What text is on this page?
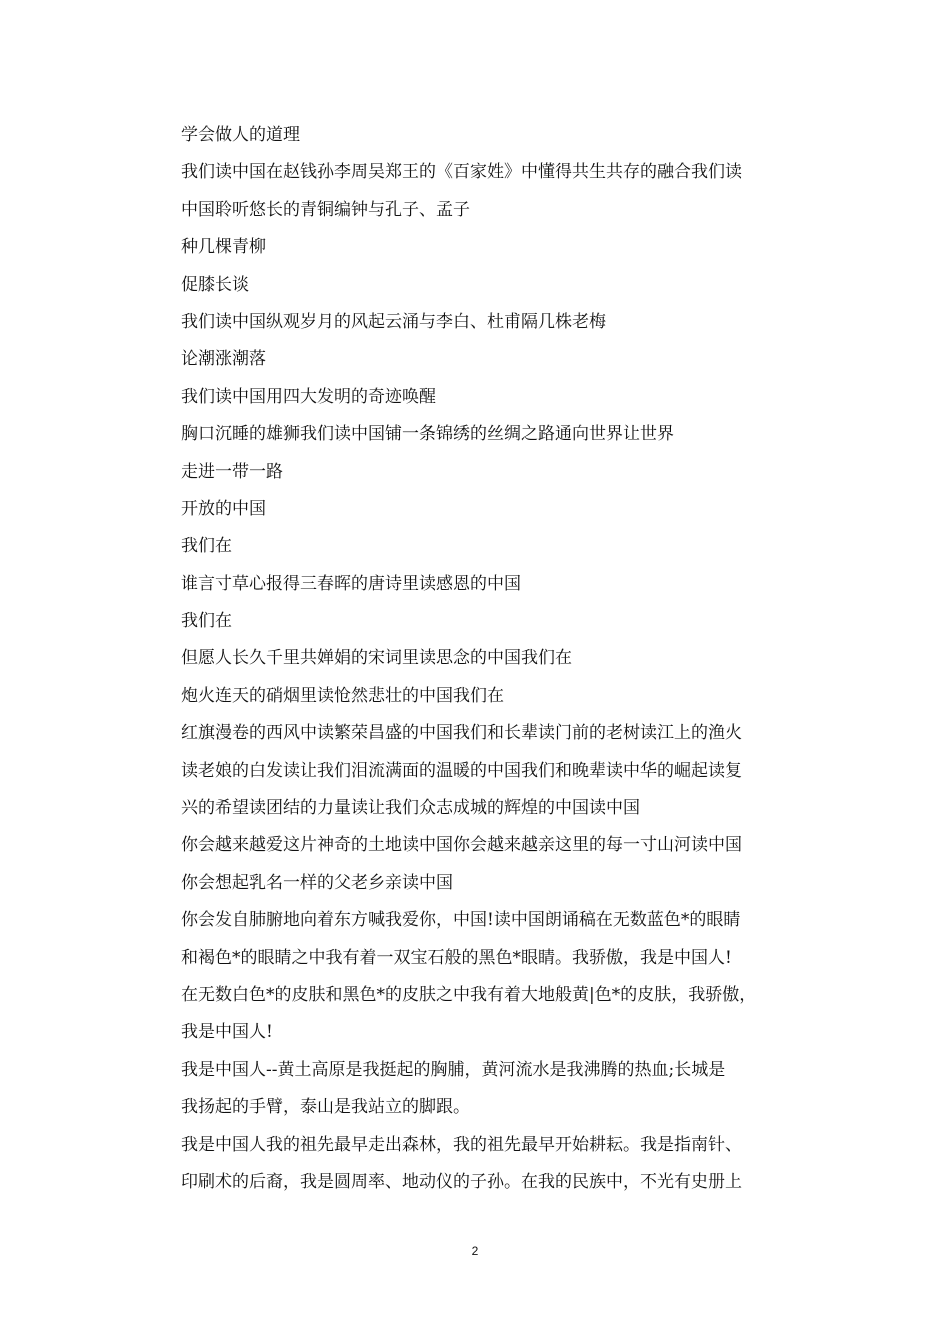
学会做人的道理
我们读中国在赵钱孙李周吴郑王的《百家姓》中懂得共生共存的融合我们读
中国聆听悠长的青铜编钟与孔子、孟子
种几棵青柳
促膝长谈
我们读中国纵观岁月的风起云涌与李白、杜甫隔几株老梅
论潮涨潮落
我们读中国用四大发明的奇迹唤醒
胸口沉睡的雄狮我们读中国铺一条锦绣的丝绸之路通向世界让世界
走进一带一路
开放的中国
我们在
谁言寸草心报得三春晖的唐诗里读感恩的中国
我们在
但愿人长久千里共婵娟的宋词里读思念的中国我们在
炮火连天的硝烟里读怆然悲壮的中国我们在
红旗漫卷的西风中读繁荣昌盛的中国我们和长辈读门前的老树读江上的渔火
读老娘的白发读让我们泪流满面的温暖的中国我们和晚辈读中华的崛起读复
兴的希望读团结的力量读让我们众志成城的辉煌的中国读中国
你会越来越爱这片神奇的土地读中国你会越来越亲这里的每一寸山河读中国
你会想起乳名一样的父老乡亲读中国
你会发自肺腑地向着东方喊我爱你，中国!读中国朗诵稿在无数蓝色*的眼睛
和褐色*的眼睛之中我有着一双宝石般的黑色*眼睛。我骄傲，我是中国人!
在无数白色*的皮肤和黑色*的皮肤之中我有着大地般黄|色*的皮肤，我骄傲，
我是中国人!
我是中国人--黄土高原是我挺起的胸脯，黄河流水是我沸腾的热血;长城是
我扬起的手臂，泰山是我站立的脚跟。
我是中国人我的祖先最早走出森林，我的祖先最早开始耕耘。我是指南针、
印刷术的后裔，我是圆周率、地动仪的子孙。在我的民族中，不光有史册上
2
